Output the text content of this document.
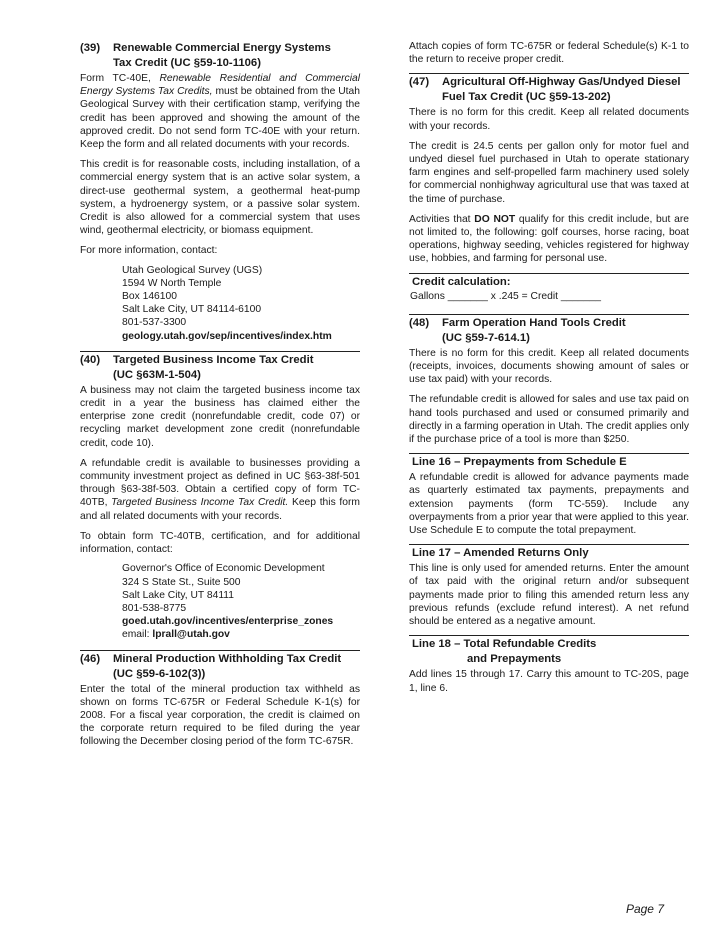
(39) Renewable Commercial Energy Systems
Tax Credit (UC §59-10-1106)

Form TC-40E, Renewable Residential and Commercial Energy Systems Tax Credits, must be obtained from the Utah Geological Survey with their certification stamp, verifying the credit has been approved and showing the amount of the approved credit. Do not send form TC-40E with your return. Keep the form and all related documents with your records.

This credit is for reasonable costs, including installation, of a commercial energy system that is an active solar system, a direct-use geothermal system, a geothermal heat-pump system, a hydroenergy system, or a passive solar system. Credit is also allowed for a commercial system that uses wind, geothermal electricity, or biomass equipment.

For more information, contact:

Utah Geological Survey (UGS)
1594 W North Temple
Box 146100
Salt Lake City, UT 84114-6100
801-537-3300
geology.utah.gov/sep/incentives/index.htm
(40) Targeted Business Income Tax Credit
(UC §63M-1-504)

A business may not claim the targeted business income tax credit in a year the business has claimed either the enterprise zone credit (nonrefundable credit, code 07) or recycling market development zone credit (nonrefundable credit, code 10).

A refundable credit is available to businesses providing a community investment project as defined in UC §63-38f-501 through §63-38f-503. Obtain a certified copy of form TC-40TB, Targeted Business Income Tax Credit. Keep this form and all related documents with your records.

To obtain form TC-40TB, certification, and for additional information, contact:

Governor's Office of Economic Development
324 S State St., Suite 500
Salt Lake City, UT 84111
801-538-8775
goed.utah.gov/incentives/enterprise_zones
email: lprall@utah.gov
(46) Mineral Production Withholding Tax Credit
(UC §59-6-102(3))

Enter the total of the mineral production tax withheld as shown on forms TC-675R or Federal Schedule K-1(s) for 2008. For a fiscal year corporation, the credit is claimed on the corporate return required to be filed during the year following the December closing period of the form TC-675R.

Attach copies of form TC-675R or federal Schedule(s) K-1 to the return to receive proper credit.

(47) Agricultural Off-Highway Gas/Undyed Diesel
Fuel Tax Credit (UC §59-13-202)

There is no form for this credit. Keep all related documents with your records.

The credit is 24.5 cents per gallon only for motor fuel and undyed diesel fuel purchased in Utah to operate stationary farm engines and self-propelled farm machinery used solely for commercial nonhighway agricultural use that was taxed at the time of purchase.

Activities that DO NOT qualify for this credit include, but are not limited to, the following: golf courses, horse racing, boat operations, highway seeding, vehicles registered for highway use, hobbies, and farming for personal use.

Credit calculation:
Gallons _______ x .245 = Credit _______
(48) Farm Operation Hand Tools Credit
(UC §59-7-614.1)

There is no form for this credit. Keep all related documents (receipts, invoices, documents showing amount of sales or use tax paid) with your records.

The refundable credit is allowed for sales and use tax paid on hand tools purchased and used or consumed primarily and directly in a farming operation in Utah. The credit applies only if the purchase price of a tool is more than $250.

Line 16 – Prepayments from Schedule E

A refundable credit is allowed for advance payments made as quarterly estimated tax payments, prepayments and extension payments (form TC-559). Include any overpayments from a prior year that were applied to this year. Use Schedule E to compute the total prepayment.

Line 17 – Amended Returns Only

This line is only used for amended returns. Enter the amount of tax paid with the original return and/or subsequent payments made prior to filing this amended return less any previous refunds (exclude refund interest). A net refund should be entered as a negative amount.

Line 18 – Total Refundable Credits
and Prepayments

Add lines 15 through 17. Carry this amount to TC-20S, page 1, line 6.

Page 7
